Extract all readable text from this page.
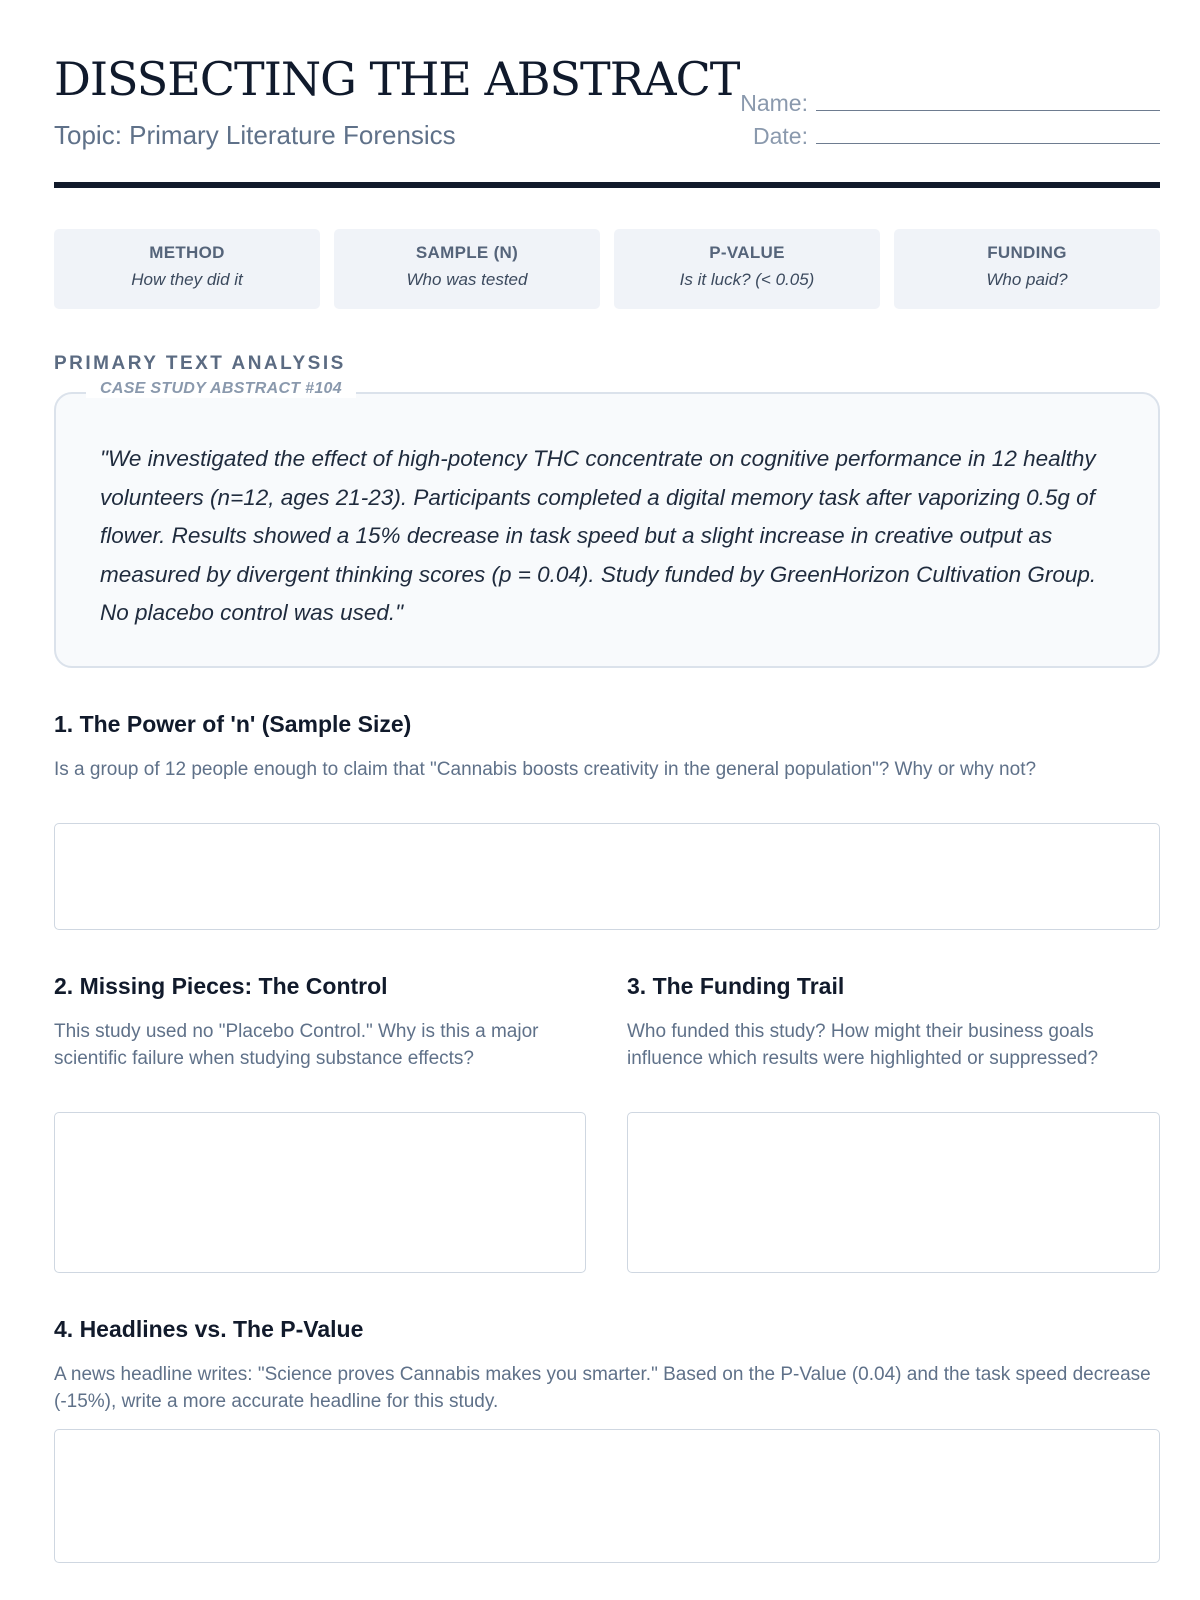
DISSECTING THE ABSTRACT
Topic: Primary Literature Forensics
Name:
Date:
METHOD
How they did it
SAMPLE (N)
Who was tested
P-VALUE
Is it luck? (< 0.05)
FUNDING
Who paid?
PRIMARY TEXT ANALYSIS
CASE STUDY ABSTRACT #104

"We investigated the effect of high-potency THC concentrate on cognitive performance in 12 healthy volunteers (n=12, ages 21-23). Participants completed a digital memory task after vaporizing 0.5g of flower. Results showed a 15% decrease in task speed but a slight increase in creative output as measured by divergent thinking scores (p = 0.04). Study funded by GreenHorizon Cultivation Group. No placebo control was used."

1. The Power of 'n' (Sample Size)

Is a group of 12 people enough to claim that "Cannabis boosts creativity in the general population"? Why or why not?

2. Missing Pieces: The Control

This study used no "Placebo Control." Why is this a major scientific failure when studying substance effects?

3. The Funding Trail

Who funded this study? How might their business goals influence which results were highlighted or suppressed?

4. Headlines vs. The P-Value

A news headline writes: "Science proves Cannabis makes you smarter." Based on the P-Value (0.04) and the task speed decrease (-15%), write a more accurate headline for this study.
